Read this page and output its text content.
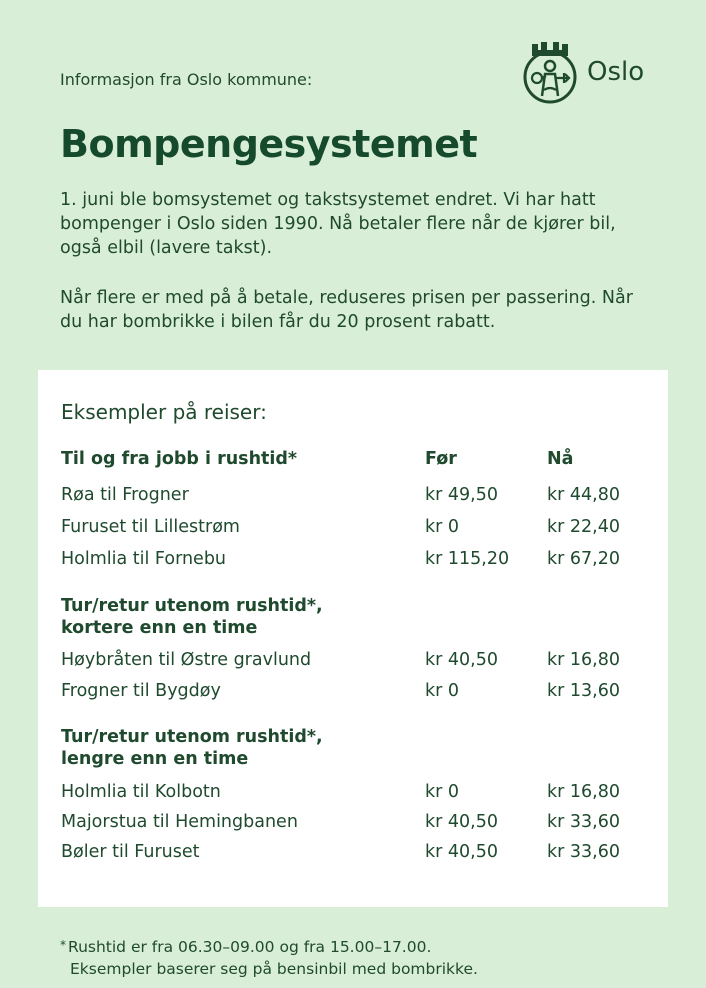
Informasjon fra Oslo kommune:	Oslo
Bompengesystemet

1. juni ble bomsystemet og takstsystemet endret. Vi har hatt bompenger i Oslo siden 1990. Nå betaler flere når de kjører bil, også elbil (lavere takst).

Når flere er med på å betale, reduseres prisen per passering. Når du har bombrikke i bilen får du 20 prosent rabatt.

Eksempler på reiser:
Til og fra jobb i rushtid*	Før	Nå
Røa til Frogner	kr 49,50	kr 44,80
Furuset til Lillestrøm	kr 0	kr 22,40
Holmlia til Fornebu	kr 115,20 kr 67,20
Tur/retur utenom rushtid*,
kortere enn en time
Høybråten til Østre gravlund	kr 40,50	kr 16,80
Frogner til Bygdøy	kr 0	kr 13,60
Tur/retur utenom rushtid*,
lengre enn en time
Holmlia til Kolbotn	kr 0	kr 16,80
Majorstua til Hemingbanen	kr 40,50	kr 33,60
Bøler til Furuset	kr 40,50	kr 33,60
* Rushtid er fra 06.30–09.00 og fra 15.00–17.00.
Eksempler baserer seg på bensinbil med bombrikke.
